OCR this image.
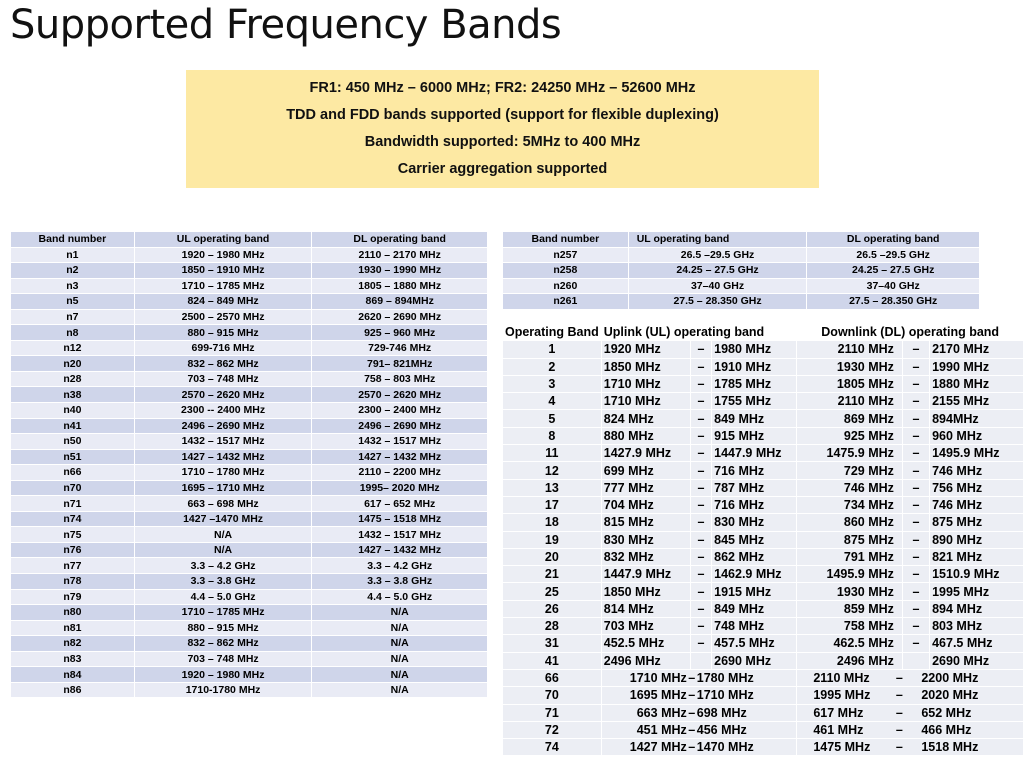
Supported Frequency Bands
FR1: 450 MHz – 6000 MHz; FR2: 24250 MHz – 52600 MHz
TDD and FDD bands supported (support for flexible duplexing)
Bandwidth supported: 5MHz to 400 MHz
Carrier aggregation supported
Band number	UL operating band	DL operating band
n1	1920 – 1980 MHz	2110 – 2170 MHz
n2	1850 – 1910 MHz	1930 – 1990 MHz
n3	1710 – 1785 MHz	1805 – 1880 MHz
n5	824 – 849 MHz	869 – 894MHz
n7	2500 – 2570 MHz	2620 – 2690 MHz
n8	880 – 915 MHz	925 – 960 MHz
n12	699-716 MHz	729-746 MHz
n20	832 – 862 MHz	791– 821MHz
n28	703 – 748 MHz	758 – 803 MHz
n38	2570 – 2620 MHz	2570 – 2620 MHz
n40	2300 -- 2400 MHz	2300 – 2400 MHz
n41	2496 – 2690 MHz	2496 – 2690 MHz
n50	1432 – 1517 MHz	1432 – 1517 MHz
n51	1427 – 1432 MHz	1427 – 1432 MHz
n66	1710 – 1780 MHz	2110 – 2200 MHz
n70	1695 – 1710 MHz	1995– 2020 MHz
n71	663 – 698 MHz	617 – 652 MHz
n74	1427 –1470 MHz	1475 – 1518 MHz
n75	N/A	1432 – 1517 MHz
n76	N/A	1427 – 1432 MHz
n77	3.3 – 4.2 GHz	3.3 – 4.2 GHz
n78	3.3 – 3.8 GHz	3.3 – 3.8 GHz
n79	4.4 – 5.0 GHz	4.4 – 5.0 GHz
n80	1710 – 1785 MHz	N/A
n81	880 – 915 MHz	N/A
n82	832 – 862 MHz	N/A
n83	703 – 748 MHz	N/A
n84	1920 – 1980 MHz	N/A
n86	1710-1780 MHz	N/A
Band number	UL operating band	DL operating band
n257	26.5 –29.5 GHz	26.5 –29.5 GHz
n258	24.25 – 27.5 GHz	24.25 – 27.5 GHz
n260	37–40 GHz	37–40 GHz
n261	27.5 – 28.350 GHz	27.5 – 28.350 GHz
Operating Band	Uplink (UL) operating band			Downlink (DL) operating band		
1	1920 MHz	–	1980 MHz	2110 MHz	–	2170 MHz
2	1850 MHz	–	1910 MHz	1930 MHz	–	1990 MHz
3	1710 MHz	–	1785 MHz	1805 MHz	–	1880 MHz
4	1710 MHz	–	1755 MHz	2110 MHz	–	2155 MHz
5	824 MHz	–	849 MHz	869 MHz	–	894MHz
8	880 MHz	–	915 MHz	925 MHz	–	960 MHz
11	1427.9 MHz	–	1447.9 MHz	1475.9 MHz	–	1495.9 MHz
12	699 MHz	–	716 MHz	729 MHz	–	746 MHz
13	777 MHz	–	787 MHz	746 MHz	–	756 MHz
17	704 MHz	–	716 MHz	734 MHz	–	746 MHz
18	815 MHz	–	830 MHz	860 MHz	–	875 MHz
19	830 MHz	–	845 MHz	875 MHz	–	890 MHz
20	832 MHz	–	862 MHz	791 MHz	–	821 MHz
21	1447.9 MHz	–	1462.9 MHz	1495.9 MHz	–	1510.9 MHz
25	1850 MHz	–	1915 MHz	1930 MHz	–	1995 MHz
26	814 MHz	–	849 MHz	859 MHz	–	894 MHz
28	703 MHz	–	748 MHz	758 MHz	–	803 MHz
31	452.5 MHz	–	457.5 MHz	462.5 MHz	–	467.5 MHz
41	2496 MHz		2690 MHz	2496 MHz		2690 MHz
66	1710 MHz – 1780 MHz			2110 MHz – 2200 MHz		
70	1695 MHz – 1710 MHz			1995 MHz – 2020 MHz		
71	663 MHz – 698 MHz			617 MHz – 652 MHz		
72	451 MHz – 456 MHz			461 MHz – 466 MHz		
74	1427 MHz – 1470 MHz			1475 MHz – 1518 MHz		
